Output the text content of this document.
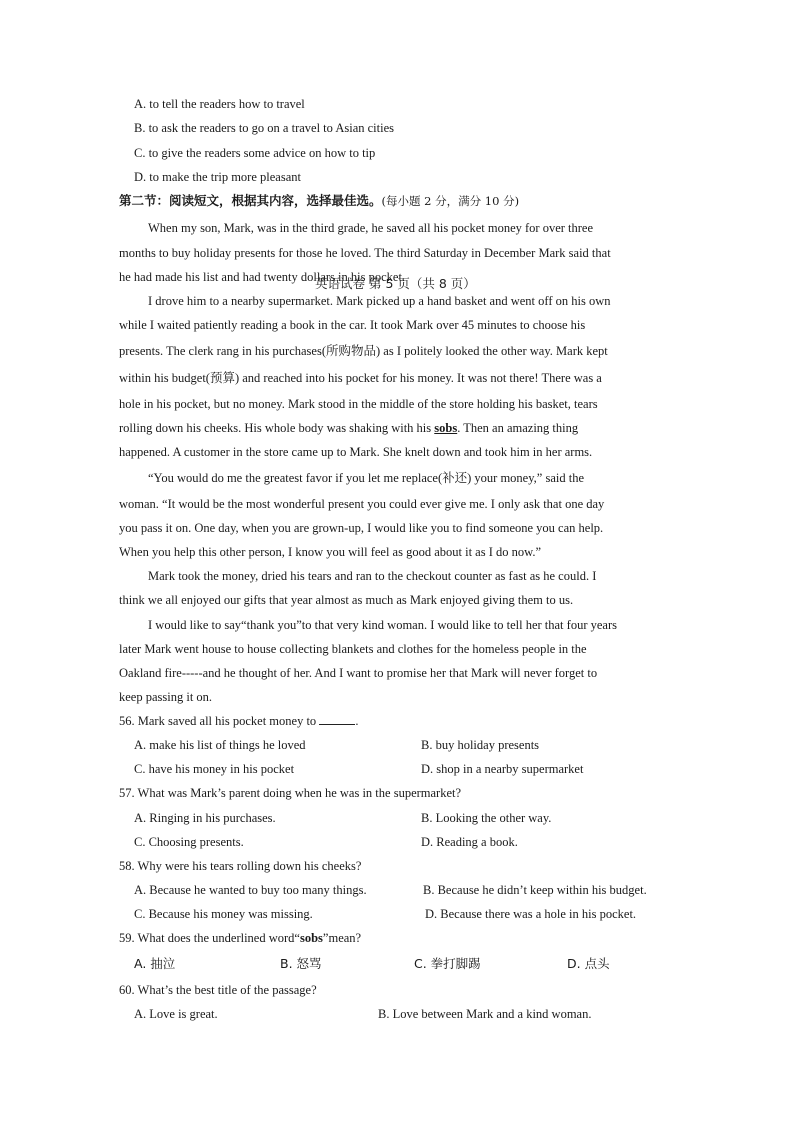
A. to tell the readers how to travel
B. to ask the readers to go on a travel to Asian cities
C. to give the readers some advice on how to tip
D. to make the trip more pleasant
第二节：阅读短文，根据其内容，选择最佳选。(每小题 2 分，满分 10 分)
When my son, Mark, was in the third grade, he saved all his pocket money for over three
months to buy holiday presents for those he loved. The third Saturday in December Mark said that
he had made his list and had twenty dollars in his pocket.
英语试卷 第 5 页（共 8 页）
I drove him to a nearby supermarket. Mark picked up a hand basket and went off on his own
while I waited patiently reading a book in the car. It took Mark over 45 minutes to choose his
presents. The clerk rang in his purchases(所购物品) as I politely looked the other way. Mark kept
within his budget(预算) and reached into his pocket for his money. It was not there! There was a
hole in his pocket, but no money. Mark stood in the middle of the store holding his basket, tears
rolling down his cheeks. His whole body was shaking with his sobs. Then an amazing thing
happened. A customer in the store came up to Mark. She knelt down and took him in her arms.
“You would do me the greatest favor if you let me replace(补还) your money,” said the
woman. “It would be the most wonderful present you could ever give me. I only ask that one day
you pass it on. One day, when you are grown-up, I would like you to find someone you can help.
When you help this other person, I know you will feel as good about it as I do now.”
Mark took the money, dried his tears and ran to the checkout counter as fast as he could. I
think we all enjoyed our gifts that year almost as much as Mark enjoyed giving them to us.
I would like to say“thank you”to that very kind woman. I would like to tell her that four years
later Mark went house to house collecting blankets and clothes for the homeless people in the
Oakland fire-----and he thought of her. And I want to promise her that Mark will never forget to
keep passing it on.
56. Mark saved all his pocket money to	.
A. make his list of things he loved	B. buy holiday presents
C. have his money in his pocket	D. shop in a nearby supermarket
57. What was Mark’s parent doing when he was in the supermarket?
A. Ringing in his purchases.	B. Looking the other way.
C. Choosing presents.	D. Reading a book.
58. Why were his tears rolling down his cheeks?
A. Because he wanted to buy too many things.	B. Because he didn’t keep within his budget.
C. Because his money was missing.	D. Because there was a hole in his pocket.
59. What does the underlined word“sobs”mean?
A. 抽泣	B. 怒骂	C. 拳打脚踢	D. 点头
60. What’s the best title of the passage?
A. Love is great.	B. Love between Mark and a kind woman.
